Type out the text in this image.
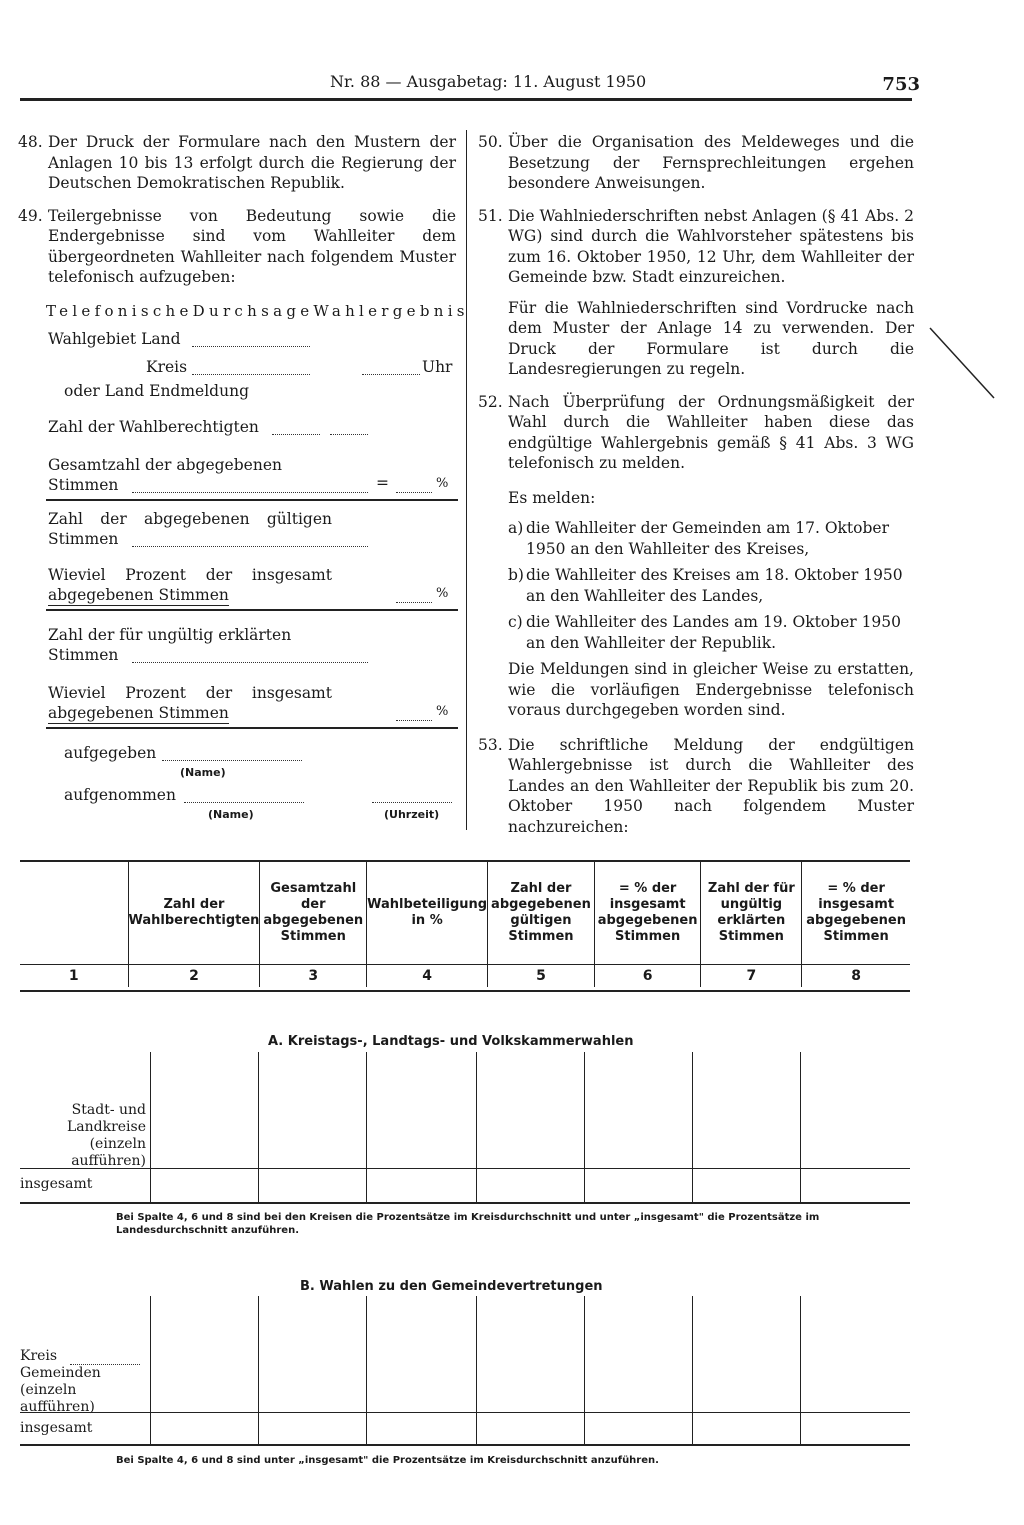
Nr. 88 — Ausgabetag: 11. August 1950	753
48. Der Druck der Formulare nach den Mustern der Anlagen 10 bis 13 erfolgt durch die Regierung der Deutschen Demokratischen Republik.
49. Teilergebnisse von Bedeutung sowie die Endergebnisse sind vom Wahlleiter dem übergeordneten Wahlleiter nach folgendem Muster telefonisch aufzugeben:
TelefonischeDurchsageWahlergebnis
Wahlgebiet Land
Kreis	Uhr
oder Land Endmeldung
Zahl der Wahlberechtigten
Gesamtzahl der abgegebenen
Stimmen	=	%
Zahl der abgegebenen gültigen
Stimmen
Wieviel Prozent der insgesamt
abgegebenen Stimmen	%
Zahl der für ungültig erklärten
Stimmen
Wieviel Prozent der insgesamt
abgegebenen Stimmen	%
aufgegeben
(Name)
aufgenommen
(Name)	(Uhrzeit)
50. Über die Organisation des Meldeweges und die Besetzung der Fernsprechleitungen ergehen besondere Anweisungen.
51. Die Wahlniederschriften nebst Anlagen (§ 41 Abs. 2 WG) sind durch die Wahlvorsteher spätestens bis zum 16. Oktober 1950, 12 Uhr, dem Wahlleiter der Gemeinde bzw. Stadt einzureichen.
Für die Wahlniederschriften sind Vordrucke nach dem Muster der Anlage 14 zu verwenden. Der Druck der Formulare ist durch die Landesregierungen zu regeln.
52. Nach Überprüfung der Ordnungsmäßigkeit der Wahl durch die Wahlleiter haben diese das endgültige Wahlergebnis gemäß § 41 Abs. 3 WG telefonisch zu melden.
Es melden:
a) die Wahlleiter der Gemeinden am 17. Oktober 1950 an den Wahlleiter des Kreises,
b) die Wahlleiter des Kreises am 18. Oktober 1950 an den Wahlleiter des Landes,
c) die Wahlleiter des Landes am 19. Oktober 1950 an den Wahlleiter der Republik.
Die Meldungen sind in gleicher Weise zu erstatten, wie die vorläufigen Endergebnisse telefonisch voraus durchgegeben worden sind.
53. Die schriftliche Meldung der endgültigen Wahlergebnisse ist durch die Wahlleiter des Landes an den Wahlleiter der Republik bis zum 20. Oktober 1950 nach folgendem Muster nachzureichen:
	Zahl der Wahlberechtigten	Gesamtzahl der abgegebenen Stimmen	Wahlbeteiligung in %	Zahl der abgegebenen gültigen Stimmen	= % der insgesamt abgegebenen Stimmen	Zahl der für ungültig erklärten Stimmen	= % der insgesamt abgegebenen Stimmen
1	2	3	4	5	6	7	8
A. Kreistags-, Landtags- und Volkskammerwahlen
Stadt- und Landkreise (einzeln aufführen)
insgesamt
Bei Spalte 4, 6 und 8 sind bei den Kreisen die Prozentsätze im Kreisdurchschnitt und unter „insgesamt" die Prozentsätze im Landesdurchschnitt anzuführen.
B. Wahlen zu den Gemeindevertretungen
Kreis
Gemeinden (einzeln aufführen)
insgesamt
Bei Spalte 4, 6 und 8 sind unter „insgesamt" die Prozentsätze im Kreisdurchschnitt anzuführen.
